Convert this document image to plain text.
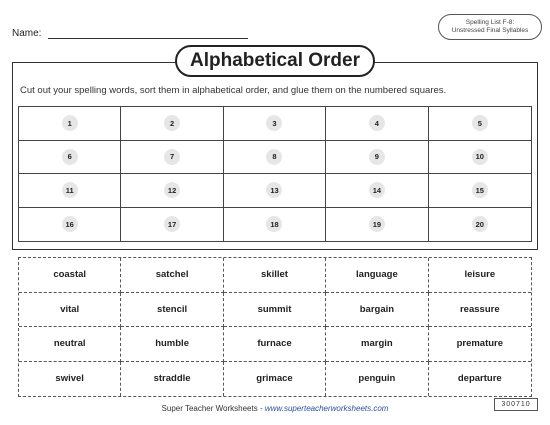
Name:
Spelling List F-8:
Unstressed Final Syllables
Alphabetical Order
Cut out your spelling words, sort them in alphabetical order, and glue them on the numbered squares.
1	2	3	4	5
6	7	8	9	10
11	12	13	14	15
16	17	18	19	20
coastal	satchel	skillet	language	leisure
vital	stencil	summit	bargain	reassure
neutral	humble	furnace	margin	premature
swivel	straddle	grimace	penguin	departure
300710
Super Teacher Worksheets - www.superteacherworksheets.com
